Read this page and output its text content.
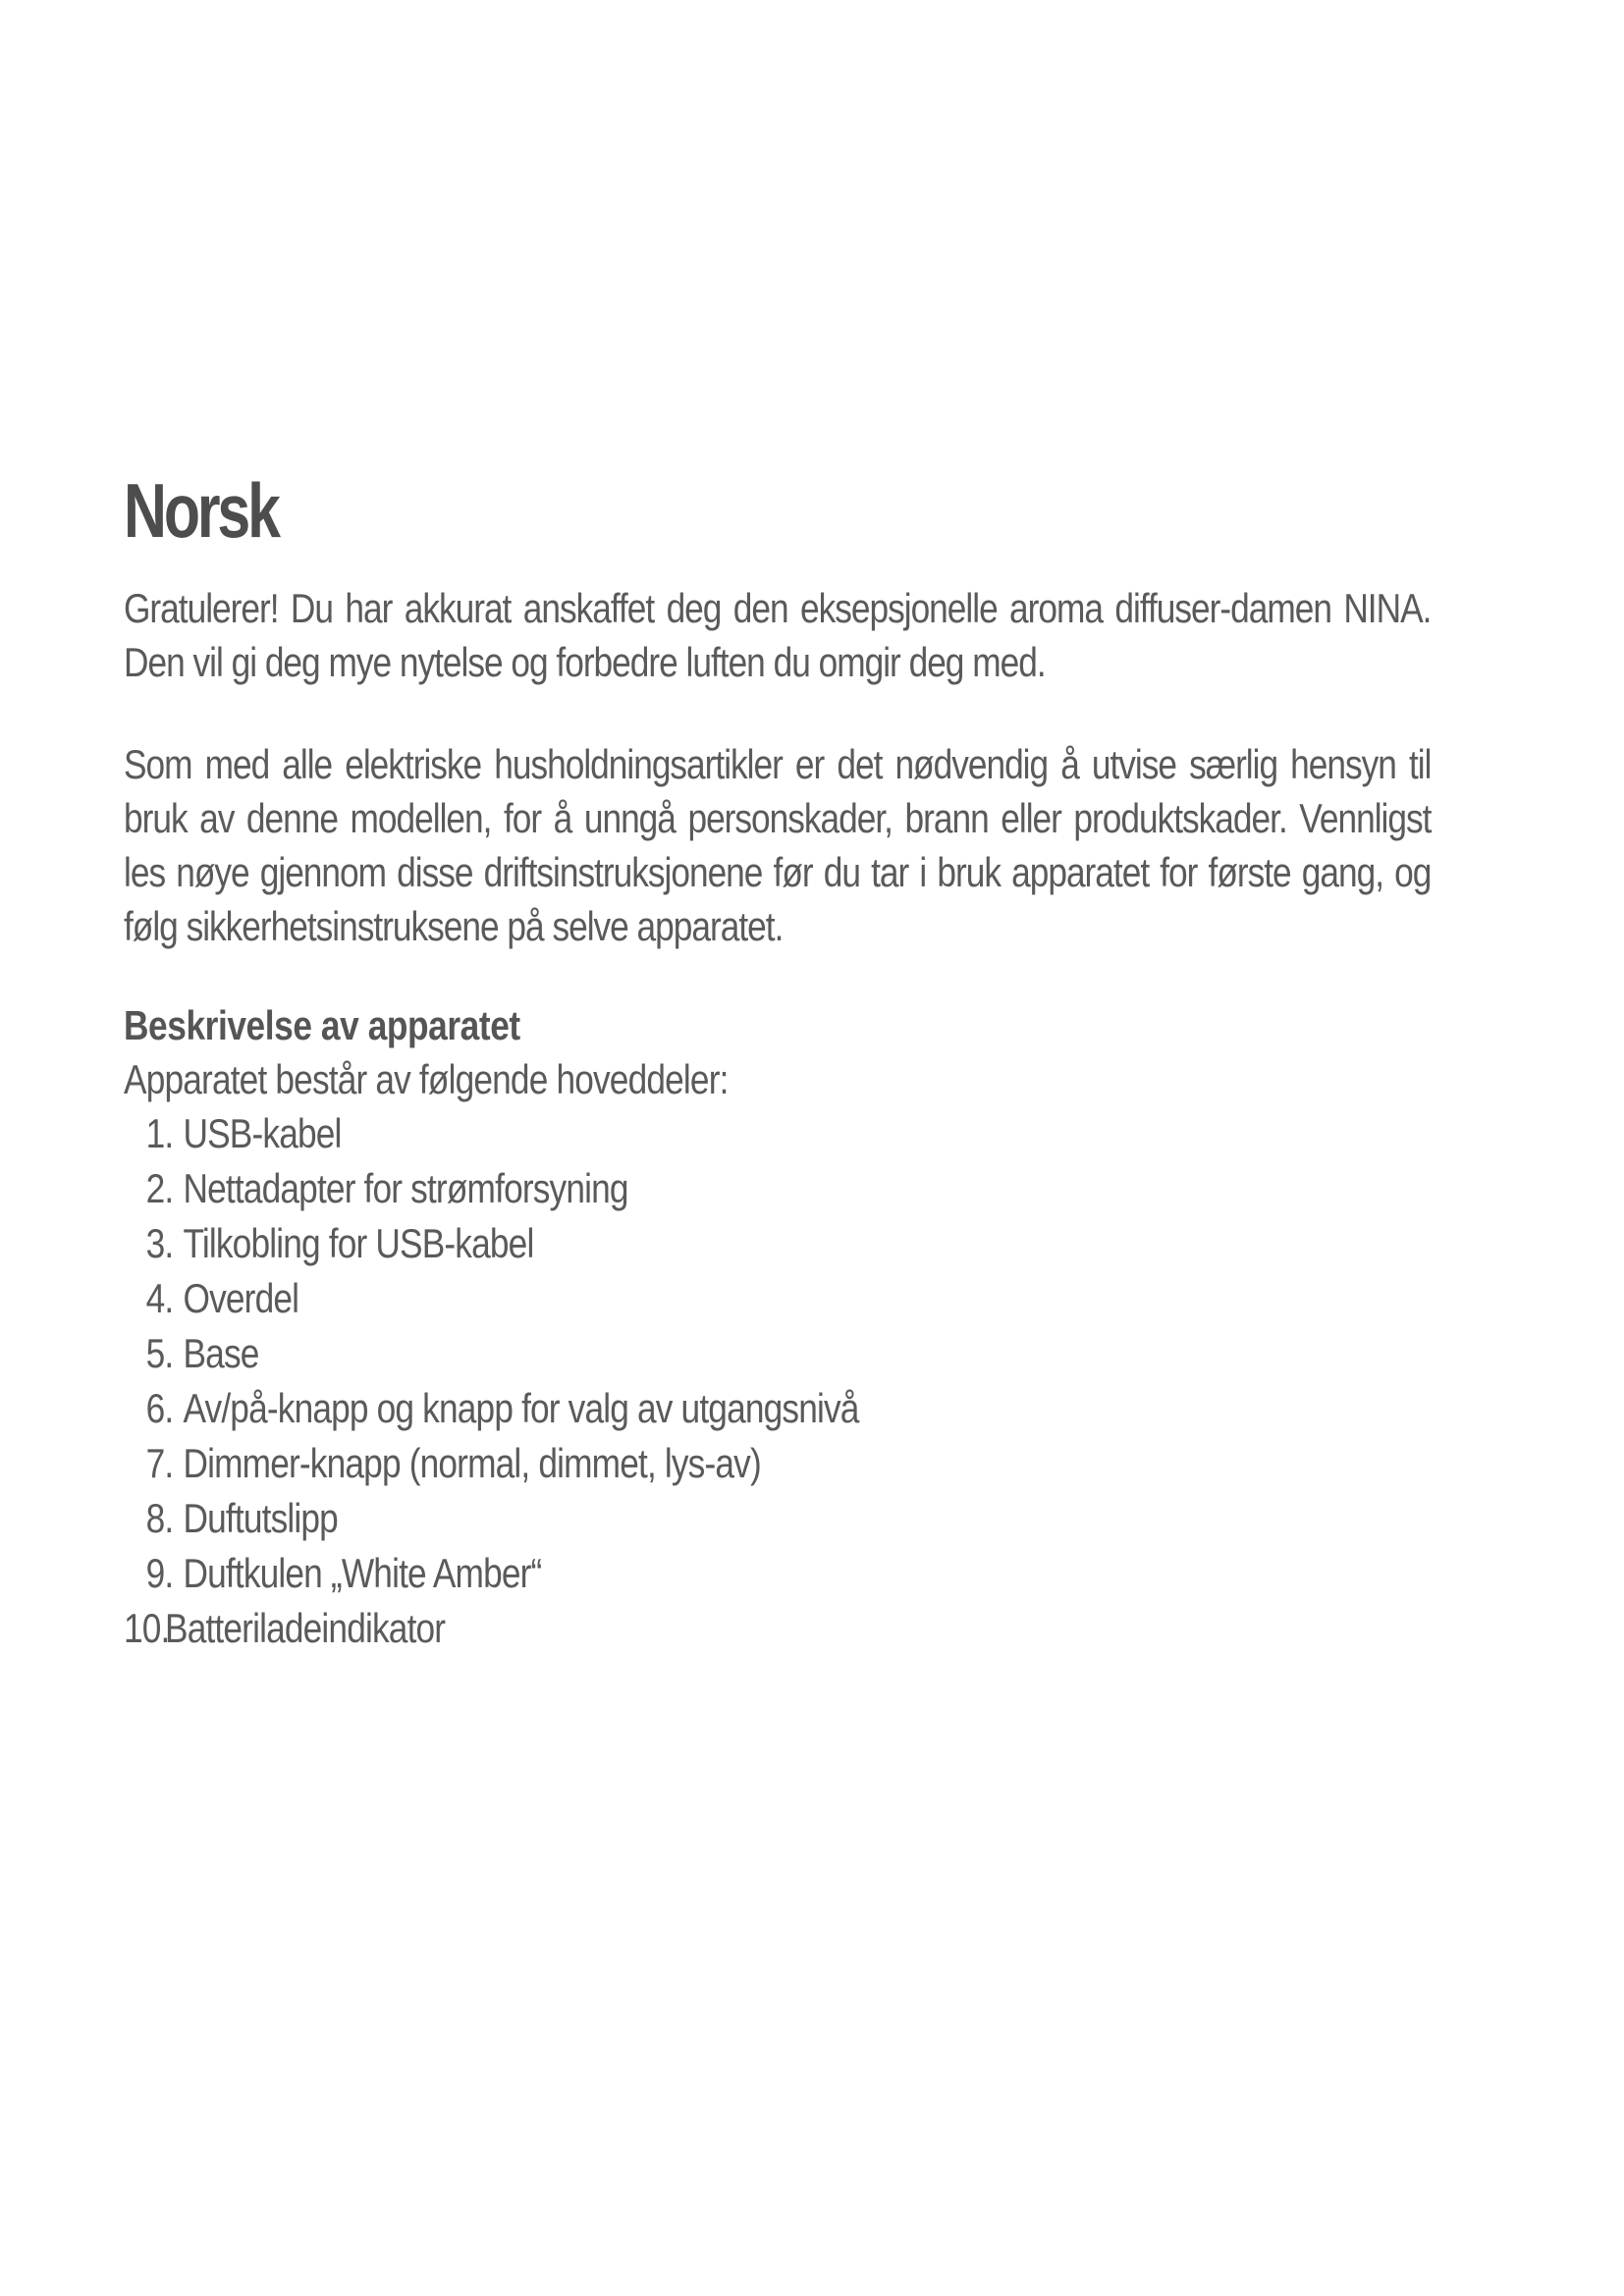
Norsk

Gratulerer! Du har akkurat anskaffet deg den eksepsjonelle aroma diffuser-damen NINA. Den vil gi deg mye nytelse og forbedre luften du omgir deg med.

Som med alle elektriske husholdningsartikler er det nødvendig å utvise særlig hensyn til bruk av denne modellen, for å unngå personskader, brann eller produktskader. Vennligst les nøye gjennom disse driftsinstruksjonene før du tar i bruk apparatet for første gang, og følg sikkerhetsinstruksene på selve apparatet.

Beskrivelse av apparatet
Apparatet består av følgende hoveddeler:
1. USB-kabel
2. Nettadapter for strømforsyning
3. Tilkobling for USB-kabel
4. Overdel
5. Base
6. Av/på-knapp og knapp for valg av utgangsnivå
7. Dimmer-knapp (normal, dimmet, lys-av)
8. Duftutslipp
9. Duftkulen „White Amber“
10.Batteriladeindikator
